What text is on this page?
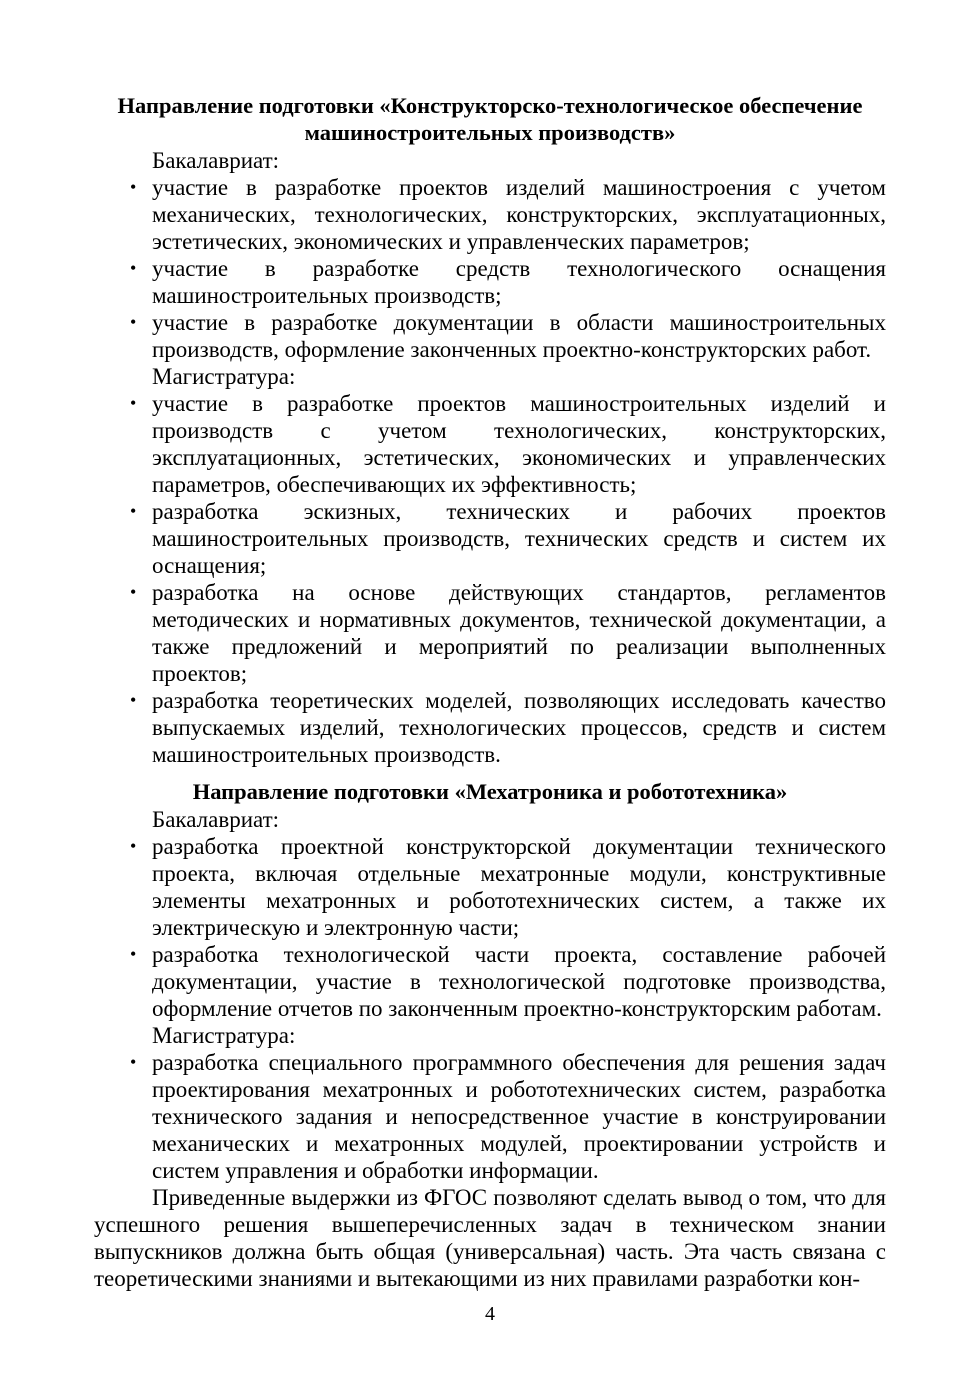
Направление подготовки «Конструкторско-технологическое обеспечение машиностроительных производств»

Бакалавриат:

• участие в разработке проектов изделий машиностроения с учетом механических, технологических, конструкторских, эксплуатационных, эстетических, экономических и управленческих параметров;
• участие в разработке средств технологического оснащения машиностроительных производств;
• участие в разработке документации в области машиностроительных производств, оформление законченных проектно-конструкторских работ.

Магистратура:

• участие в разработке проектов машиностроительных изделий и производств с учетом технологических, конструкторских, эксплуатационных, эстетических, экономических и управленческих параметров, обеспечивающих их эффективность;
• разработка эскизных, технических и рабочих проектов машиностроительных производств, технических средств и систем их оснащения;
• разработка на основе действующих стандартов, регламентов методических и нормативных документов, технической документации, а также предложений и мероприятий по реализации выполненных проектов;
• разработка теоретических моделей, позволяющих исследовать качество выпускаемых изделий, технологических процессов, средств и систем машиностроительных производств.
Направление подготовки «Мехатроника и робототехника»

Бакалавриат:

• разработка проектной конструкторской документации технического проекта, включая отдельные мехатронные модули, конструктивные элементы мехатронных и робототехнических систем, а также их электрическую и электронную части;
• разработка технологической части проекта, составление рабочей документации, участие в технологической подготовке производства, оформление отчетов по законченным проектно-конструкторским работам.

Магистратура:

• разработка специального программного обеспечения для решения задач проектирования мехатронных и робототехнических систем, разработка технического задания и непосредственное участие в конструировании механических и мехатронных модулей, проектировании устройств и систем управления и обработки информации.

Приведенные выдержки из ФГОС позволяют сделать вывод о том, что для успешного решения вышеперечисленных задач в техническом знании выпускников должна быть общая (универсальная) часть. Эта часть связана с теоретическими знаниями и вытекающими из них правилами разработки кон-

4
